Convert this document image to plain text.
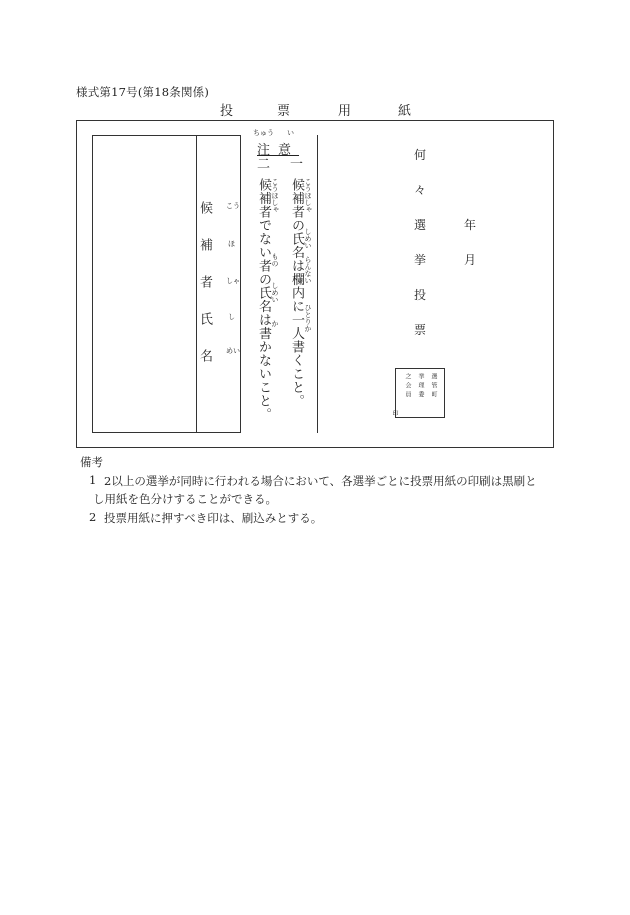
様式第17号(第18条関係)
投	票	用	紙
候補者氏名 こう
ほ
しゃ
し
めい
ちゅう い
注意
一
二
候補者の氏名は欄内に一人書くこと。 こうほしゃ
しめい
らんない
ひとりか
候補者でない者の氏名は書かないこと。 こうほしゃ
もの
しめい
か
何
々
選
挙
投
票
年
月
選管町
挙理委
之会員
印
備考
1 2以上の選挙が同時に行われる場合において、各選挙ごとに投票用紙の印刷は黒刷と
し用紙を色分けすることができる。
2 投票用紙に押すべき印は、刷込みとする。
